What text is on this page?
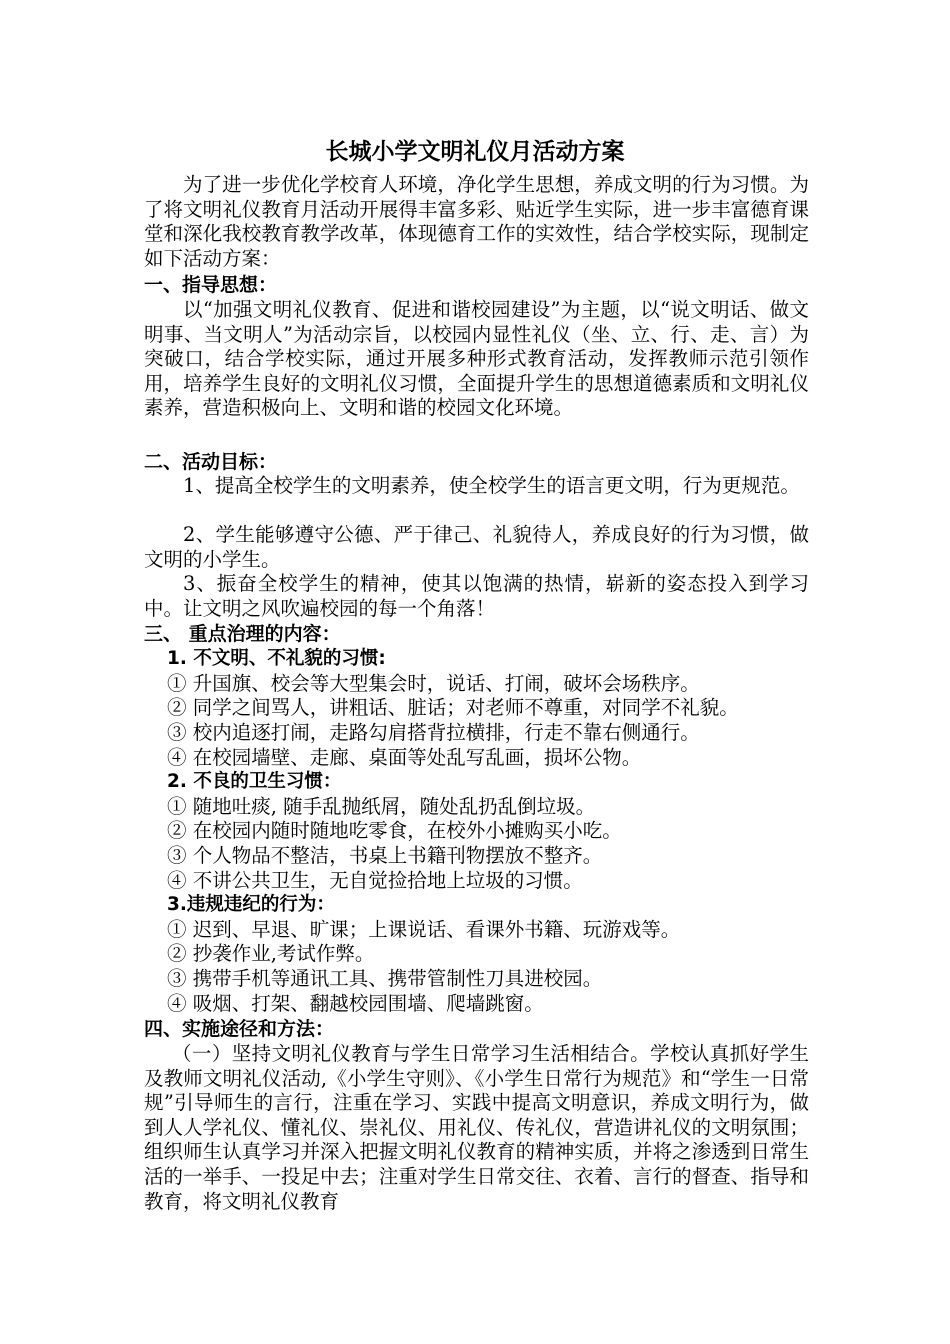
长城小学文明礼仪月活动方案

为了进一步优化学校育人环境，净化学生思想，养成文明的行为习惯。为了将文明礼仪教育月活动开展得丰富多彩、贴近学生实际，进一步丰富德育课堂和深化我校教育教学改革，体现德育工作的实效性，结合学校实际，现制定如下活动方案：

一、指导思想：

以“加强文明礼仪教育、促进和谐校园建设”为主题，以“说文明话、做文明事、当文明人”为活动宗旨，以校园内显性礼仪（坐、立、行、走、言）为突破口，结合学校实际，通过开展多种形式教育活动，发挥教师示范引领作用，培养学生良好的文明礼仪习惯，全面提升学生的思想道德素质和文明礼仪素养，营造积极向上、文明和谐的校园文化环境。

二、活动目标：

1、提高全校学生的文明素养，使全校学生的语言更文明，行为更规范。

2、学生能够遵守公德、严于律己、礼貌待人，养成良好的行为习惯，做文明的小学生。

3、振奋全校学生的精神，使其以饱满的热情，崭新的姿态投入到学习中。让文明之风吹遍校园的每一个角落！

三、 重点治理的内容：
1. 不文明、不礼貌的习惯:
① 升国旗、校会等大型集会时，说话、打闹，破坏会场秩序。
② 同学之间骂人，讲粗话、脏话；对老师不尊重，对同学不礼貌。
③ 校内追逐打闹，走路勾肩搭背拉横排，行走不靠右侧通行。
④ 在校园墙壁、走廊、桌面等处乱写乱画，损坏公物。
2. 不良的卫生习惯：
① 随地吐痰, 随手乱抛纸屑，随处乱扔乱倒垃圾。
② 在校园内随时随地吃零食，在校外小摊购买小吃。
③ 个人物品不整洁，书桌上书籍刊物摆放不整齐。
④ 不讲公共卫生，无自觉捡拾地上垃圾的习惯。
3.违规违纪的行为：
① 迟到、早退、旷课；上课说话、看课外书籍、玩游戏等。
② 抄袭作业,考试作弊。
③ 携带手机等通讯工具、携带管制性刀具进校园。
④ 吸烟、打架、翻越校园围墙、爬墙跳窗。
四、实施途径和方法：

（一）坚持文明礼仪教育与学生日常学习生活相结合。学校认真抓好学生及教师文明礼仪活动,《小学生守则》、《小学生日常行为规范》和“学生一日常规”引导师生的言行，注重在学习、实践中提高文明意识，养成文明行为，做到人人学礼仪、懂礼仪、崇礼仪、用礼仪、传礼仪，营造讲礼仪的文明氛围；组织师生认真学习并深入把握文明礼仪教育的精神实质，并将之渗透到日常生活的一举手、一投足中去；注重对学生日常交往、衣着、言行的督查、指导和教育，将文明礼仪教育
